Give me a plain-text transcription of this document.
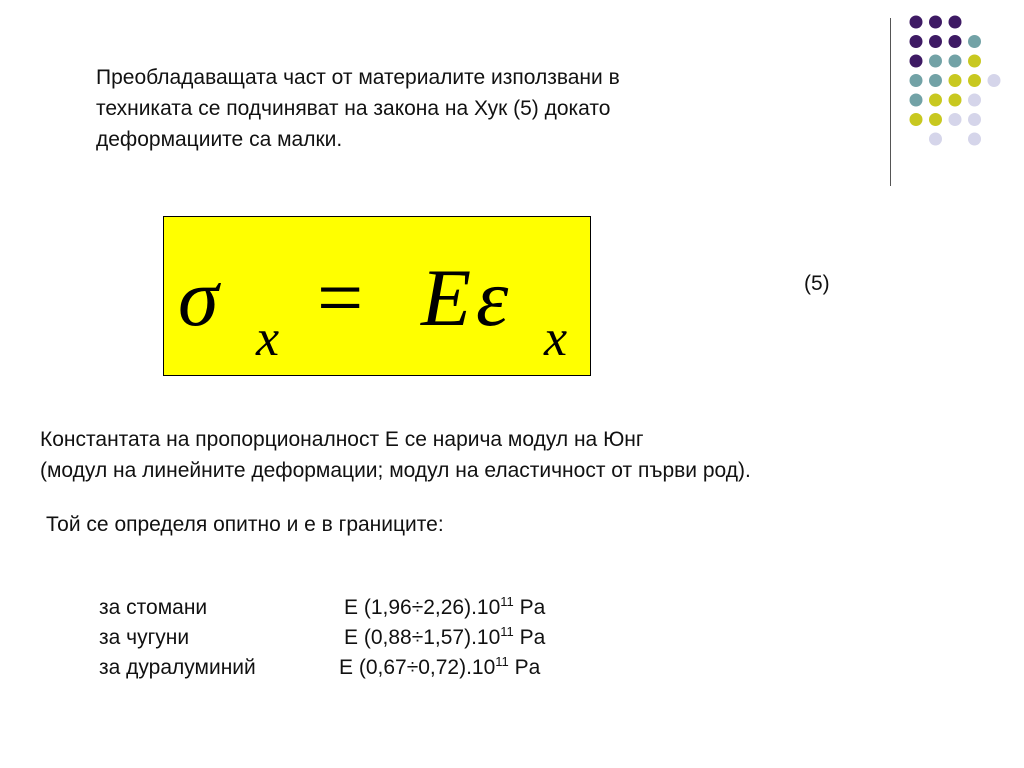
Преобладаващата част от материалите използвани в
техниката се подчиняват на закона на Хук (5) докато
деформациите са малки.
σ x E ε x
=	(5)
Константата на пропорционалност Е се нарича модул на Юнг
(модул на линейните деформации; модул на еластичност от първи род).
Той се определя опитно и е в границите:
за стомани	Е $(1,96\div 2,26).10^{11}$ Pa
за чугуни	Е $(0,88\div 1,57).10^{11}$ Pa
за дуралуминий	Е $(0,67\div 0,72).10^{11}$ Pa
